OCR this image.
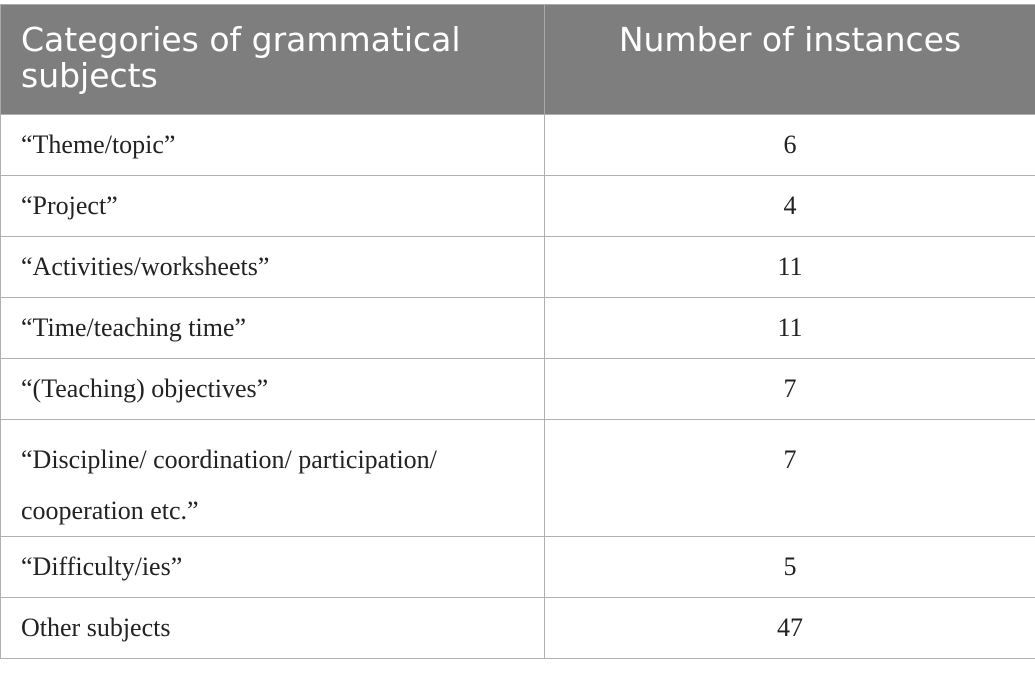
Categories of grammatical subjects	Number of instances
“Theme/topic”	6
“Project”	4
“Activities/worksheets”	11
“Time/teaching time”	11
“(Teaching) objectives”	7
“Discipline/ coordination/ participation/ cooperation etc.”	7
“Difficulty/ies”	5
Other subjects	47
